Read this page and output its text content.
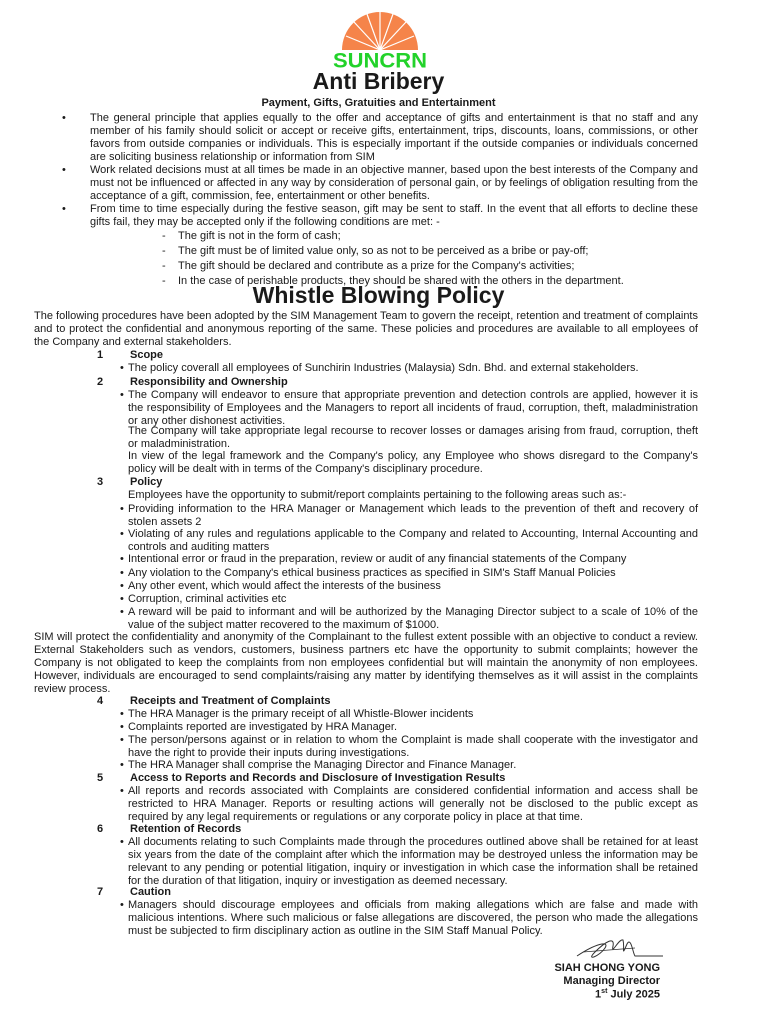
SUNCRN
Anti Bribery
Payment, Gifts, Gratuities and Entertainment
• The general principle that applies equally to the offer and acceptance of gifts and entertainment is that no staff and any member of his family should solicit or accept or receive gifts, entertainment, trips, discounts, loans, commissions, or other favors from outside companies or individuals. This is especially important if the outside companies or individuals concerned are soliciting business relationship or information from SIM
• Work related decisions must at all times be made in an objective manner, based upon the best interests of the Company and must not be influenced or affected in any way by consideration of personal gain, or by feelings of obligation resulting from the acceptance of a gift, commission, fee, entertainment or other benefits.
• From time to time especially during the festive season, gift may be sent to staff. In the event that all efforts to decline these gifts fail, they may be accepted only if the following conditions are met: -
- The gift is not in the form of cash;
- The gift must be of limited value only, so as not to be perceived as a bribe or pay-off;
- The gift should be declared and contribute as a prize for the Company's activities;
- In the case of perishable products, they should be shared with the others in the department.
Whistle Blowing Policy
The following procedures have been adopted by the SIM Management Team to govern the receipt, retention and treatment of complaints and to protect the confidential and anonymous reporting of the same. These policies and procedures are available to all employees of the Company and external stakeholders.
1 Scope
• The policy coverall all employees of Sunchirin Industries (Malaysia) Sdn. Bhd. and external stakeholders.
2 Responsibility and Ownership
• The Company will endeavor to ensure that appropriate prevention and detection controls are applied, however it is the responsibility of Employees and the Managers to report all incidents of fraud, corruption, theft, maladministration or any other dishonest activities.
The Company will take appropriate legal recourse to recover losses or damages arising from fraud, corruption, theft or maladministration.
In view of the legal framework and the Company's policy, any Employee who shows disregard to the Company's policy will be dealt with in terms of the Company's disciplinary procedure.
3 Policy
Employees have the opportunity to submit/report complaints pertaining to the following areas such as:-
• Providing information to the HRA Manager or Management which leads to the prevention of theft and recovery of stolen assets 2
• Violating of any rules and regulations applicable to the Company and related to Accounting, Internal Accounting and controls and auditing matters
• Intentional error or fraud in the preparation, review or audit of any financial statements of the Company
• Any violation to the Company's ethical business practices as specified in SIM's Staff Manual Policies
• Any other event, which would affect the interests of the business
• Corruption, criminal activities etc
• A reward will be paid to informant and will be authorized by the Managing Director subject to a scale of 10% of the value of the subject matter recovered to the maximum of $1000.
SIM will protect the confidentiality and anonymity of the Complainant to the fullest extent possible with an objective to conduct a review. External Stakeholders such as vendors, customers, business partners etc have the opportunity to submit complaints; however the Company is not obligated to keep the complaints from non employees confidential but will maintain the anonymity of non employees. However, individuals are encouraged to send complaints/raising any matter by identifying themselves as it will assist in the complaints review process.
4 Receipts and Treatment of Complaints
• The HRA Manager is the primary receipt of all Whistle-Blower incidents
• Complaints reported are investigated by HRA Manager.
• The person/persons against or in relation to whom the Complaint is made shall cooperate with the investigator and have the right to provide their inputs during investigations.
• The HRA Manager shall comprise the Managing Director and Finance Manager.
5 Access to Reports and Records and Disclosure of Investigation Results
• All reports and records associated with Complaints are considered confidential information and access shall be restricted to HRA Manager. Reports or resulting actions will generally not be disclosed to the public except as required by any legal requirements or regulations or any corporate policy in place at that time.
6 Retention of Records
• All documents relating to such Complaints made through the procedures outlined above shall be retained for at least six years from the date of the complaint after which the information may be destroyed unless the information may be relevant to any pending or potential litigation, inquiry or investigation in which case the information shall be retained for the duration of that litigation, inquiry or investigation as deemed necessary.
7 Caution
• Managers should discourage employees and officials from making allegations which are false and made with malicious intentions. Where such malicious or false allegations are discovered, the person who made the allegations must be subjected to firm disciplinary action as outline in the SIM Staff Manual Policy.
SIAH CHONG YONG
Managing Director
1st July 2025
